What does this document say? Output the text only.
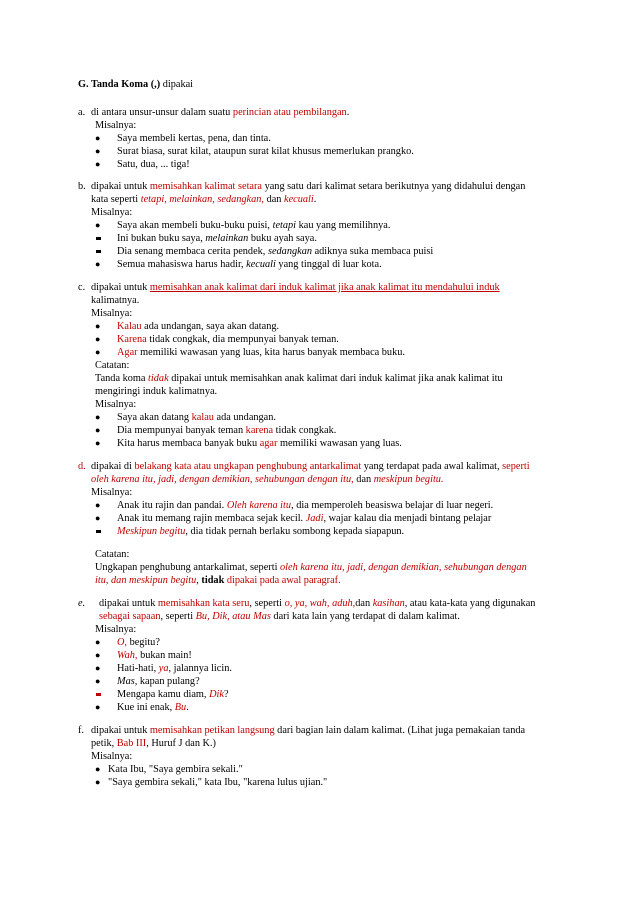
G. Tanda Koma (,) dipakai
a. di antara unsur-unsur dalam suatu perincian atau pembilangan.
Misalnya:
● Saya membeli kertas, pena, dan tinta.
● Surat biasa, surat kilat, ataupun surat kilat khusus memerlukan prangko.
● Satu, dua, ... tiga!
b. dipakai untuk memisahkan kalimat setara yang satu dari kalimat setara berikutnya yang didahului dengan
kata seperti tetapi, melainkan, sedangkan, dan kecuali.
Misalnya:
● Saya akan membeli buku-buku puisi, tetapi kau yang memilihnya.
Ini bukan buku saya, melainkan buku ayah saya.
Dia senang membaca cerita pendek, sedangkan adiknya suka membaca puisi
● Semua mahasiswa harus hadir, kecuali yang tinggal di luar kota.
c. dipakai untuk memisahkan anak kalimat dari induk kalimat jika anak kalimat itu mendahului induk
kalimatnya.
Misalnya:
● Kalau ada undangan, saya akan datang.
● Karena tidak congkak, dia mempunyai banyak teman.
● Agar memiliki wawasan yang luas, kita harus banyak membaca buku.
Catatan:
Tanda koma tidak dipakai untuk memisahkan anak kalimat dari induk kalimat jika anak kalimat itu
mengiringi induk kalimatnya.
Misalnya:
● Saya akan datang kalau ada undangan.
● Dia mempunyai banyak teman karena tidak congkak.
● Kita harus membaca banyak buku agar memiliki wawasan yang luas.
d. dipakai di belakang kata atau ungkapan penghubung antarkalimat yang terdapat pada awal kalimat, seperti
oleh karena itu, jadi, dengan demikian, sehubungan dengan itu, dan meskipun begitu.
Misalnya:
● Anak itu rajin dan pandai. Oleh karena itu, dia memperoleh beasiswa belajar di luar negeri.
● Anak itu memang rajin membaca sejak kecil. Jadi, wajar kalau dia menjadi bintang pelajar
Meskipun begitu, dia tidak pernah berlaku sombong kepada siapapun.
Catatan:
Ungkapan penghubung antarkalimat, seperti oleh karena itu, jadi, dengan demikian, sehubungan dengan
itu, dan meskipun begitu, tidak dipakai pada awal paragraf.
e. dipakai untuk memisahkan kata seru, seperti o, ya, wah, aduh,dan kasihan, atau kata-kata yang digunakan
sebagai sapaan, seperti Bu, Dik, atau Mas dari kata lain yang terdapat di dalam kalimat.
Misalnya:
● O, begitu?
● Wah, bukan main!
● Hati-hati, ya, jalannya licin.
● Mas, kapan pulang?
Mengapa kamu diam, Dik?
● Kue ini enak, Bu.
f. dipakai untuk memisahkan petikan langsung dari bagian lain dalam kalimat. (Lihat juga pemakaian tanda
petik, Bab III, Huruf J dan K.)
Misalnya:
● Kata Ibu, "Saya gembira sekali."
● "Saya gembira sekali," kata Ibu, "karena lulus ujian."
